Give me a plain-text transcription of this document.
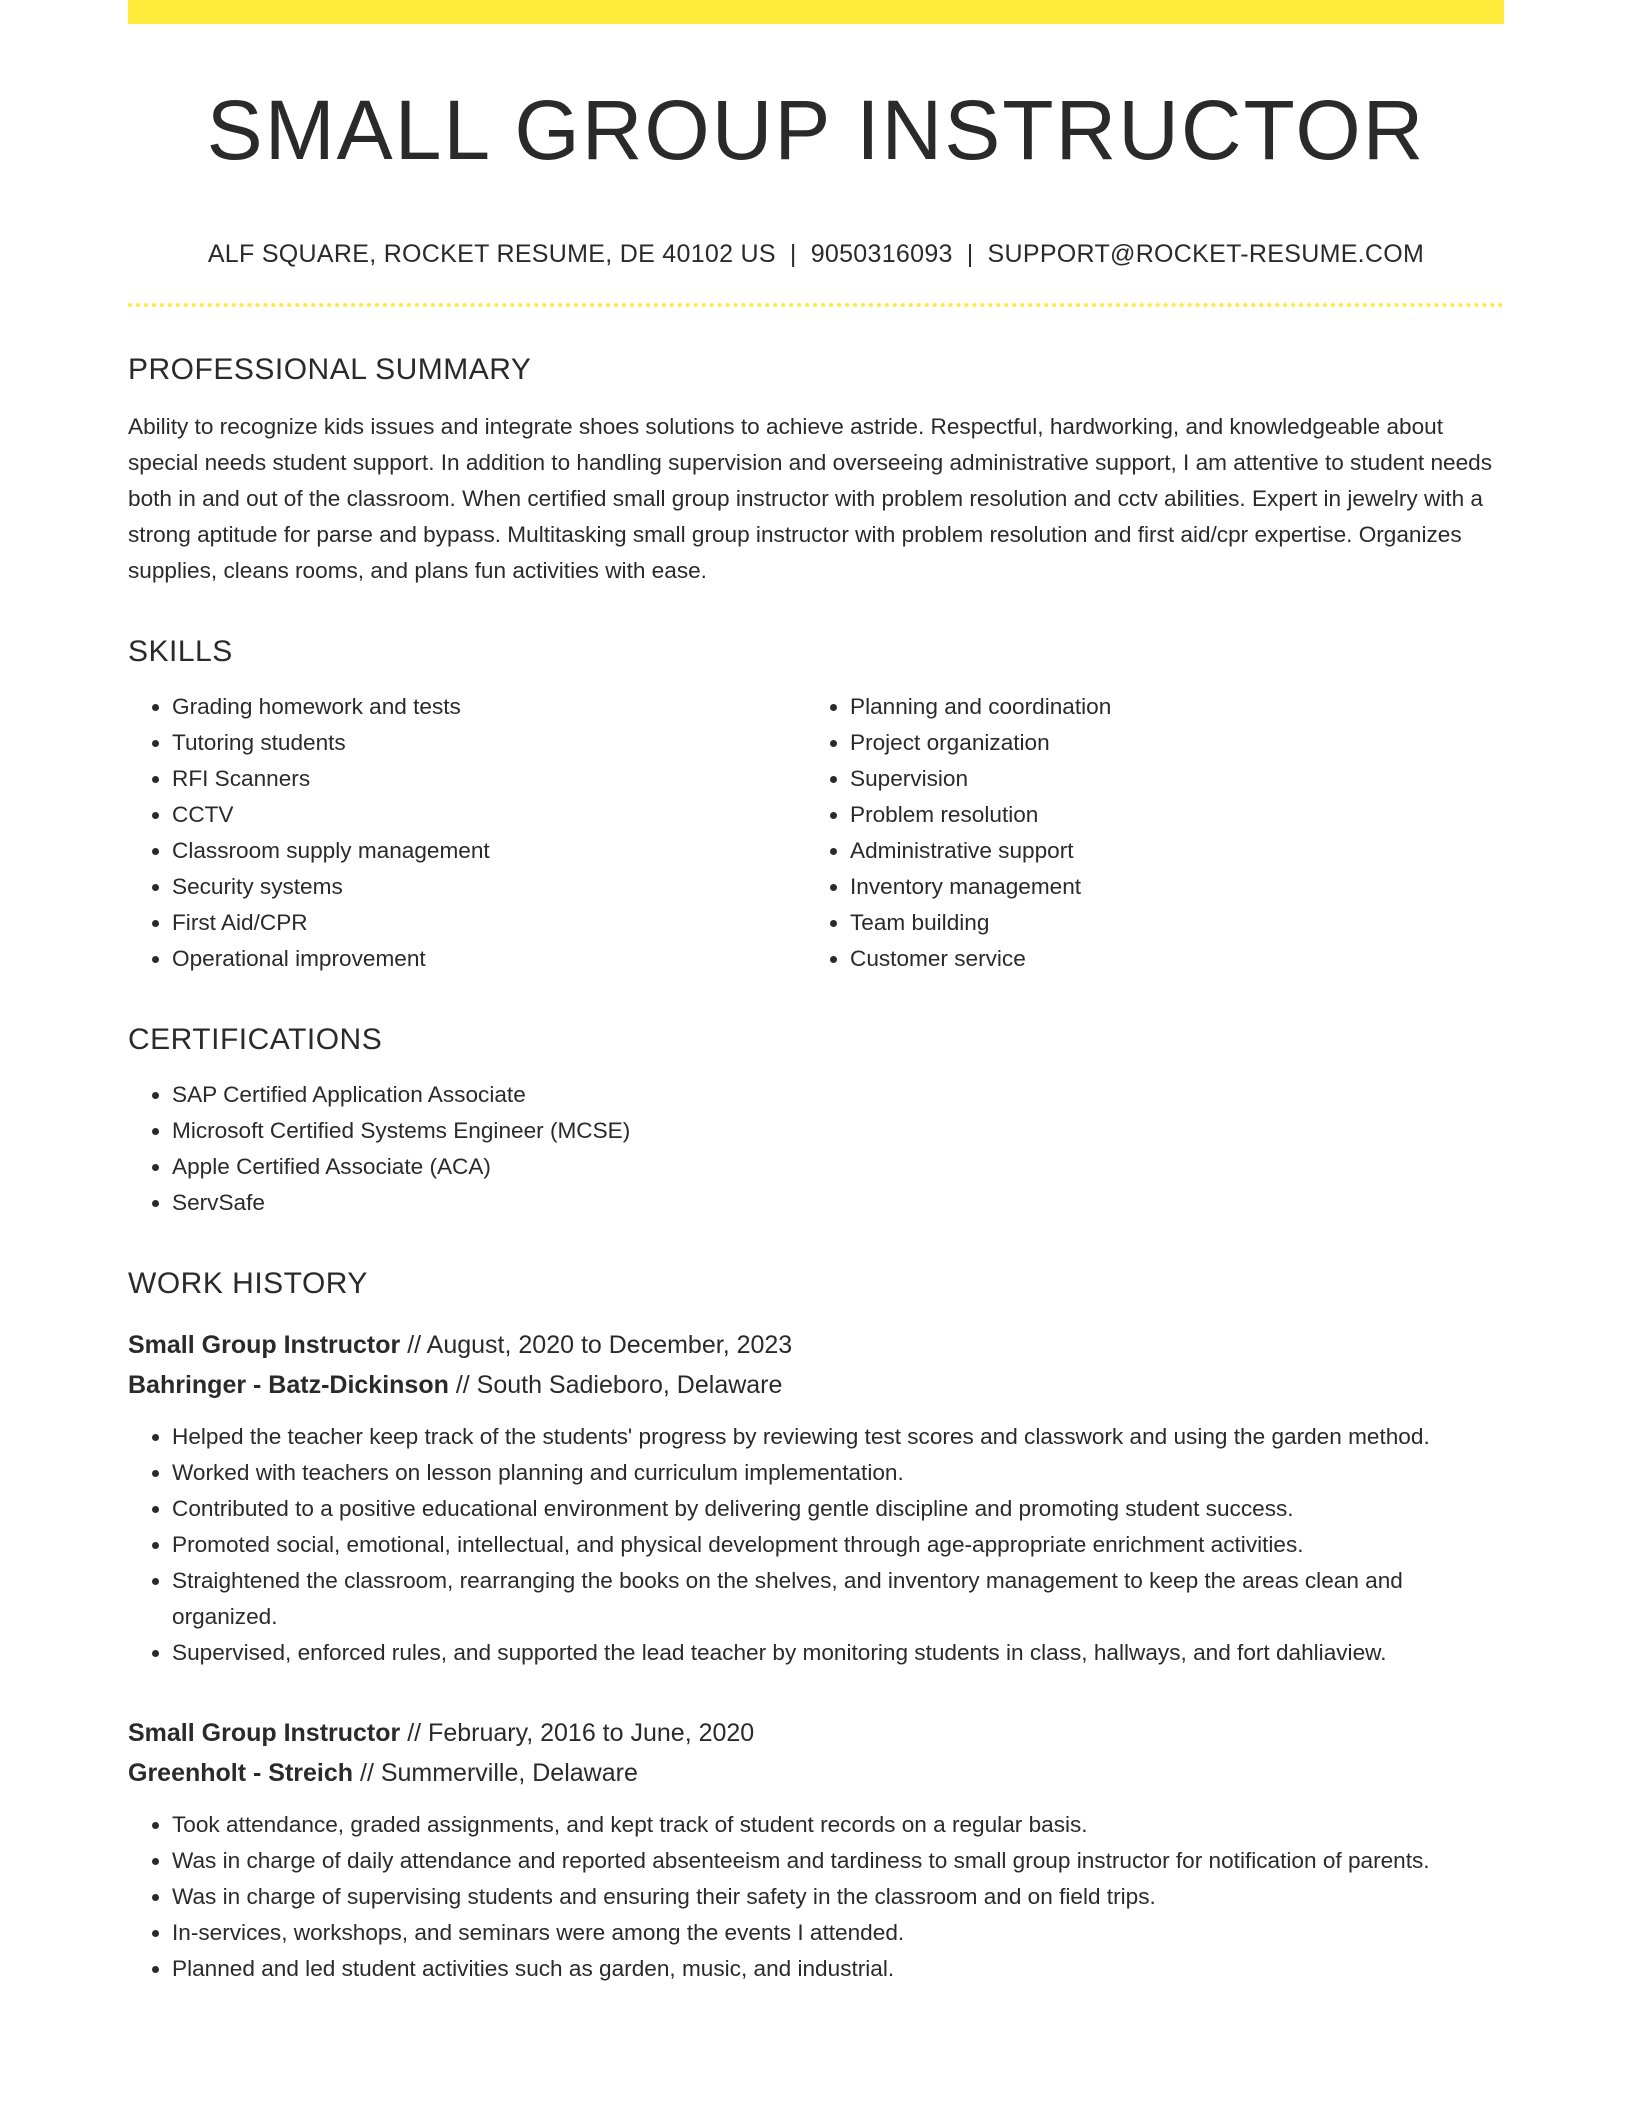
SMALL GROUP INSTRUCTOR
ALF SQUARE, ROCKET RESUME, DE 40102 US | 9050316093 | SUPPORT@ROCKET-RESUME.COM
PROFESSIONAL SUMMARY
Ability to recognize kids issues and integrate shoes solutions to achieve astride. Respectful, hardworking, and knowledgeable about special needs student support. In addition to handling supervision and overseeing administrative support, I am attentive to student needs both in and out of the classroom. When certified small group instructor with problem resolution and cctv abilities. Expert in jewelry with a strong aptitude for parse and bypass. Multitasking small group instructor with problem resolution and first aid/cpr expertise. Organizes supplies, cleans rooms, and plans fun activities with ease.
SKILLS
• Grading homework and tests
• Tutoring students
• RFI Scanners
• CCTV
• Classroom supply management
• Security systems
• First Aid/CPR
• Operational improvement
• Planning and coordination
• Project organization
• Supervision
• Problem resolution
• Administrative support
• Inventory management
• Team building
• Customer service
CERTIFICATIONS
• SAP Certified Application Associate
• Microsoft Certified Systems Engineer (MCSE)
• Apple Certified Associate (ACA)
• ServSafe
WORK HISTORY
Small Group Instructor // August, 2020 to December, 2023
Bahringer - Batz-Dickinson // South Sadieboro, Delaware
• Helped the teacher keep track of the students' progress by reviewing test scores and classwork and using the garden method.
• Worked with teachers on lesson planning and curriculum implementation.
• Contributed to a positive educational environment by delivering gentle discipline and promoting student success.
• Promoted social, emotional, intellectual, and physical development through age-appropriate enrichment activities.
• Straightened the classroom, rearranging the books on the shelves, and inventory management to keep the areas clean and organized.
• Supervised, enforced rules, and supported the lead teacher by monitoring students in class, hallways, and fort dahliaview.
Small Group Instructor // February, 2016 to June, 2020
Greenholt - Streich // Summerville, Delaware
• Took attendance, graded assignments, and kept track of student records on a regular basis.
• Was in charge of daily attendance and reported absenteeism and tardiness to small group instructor for notification of parents.
• Was in charge of supervising students and ensuring their safety in the classroom and on field trips.
• In-services, workshops, and seminars were among the events I attended.
• Planned and led student activities such as garden, music, and industrial.
